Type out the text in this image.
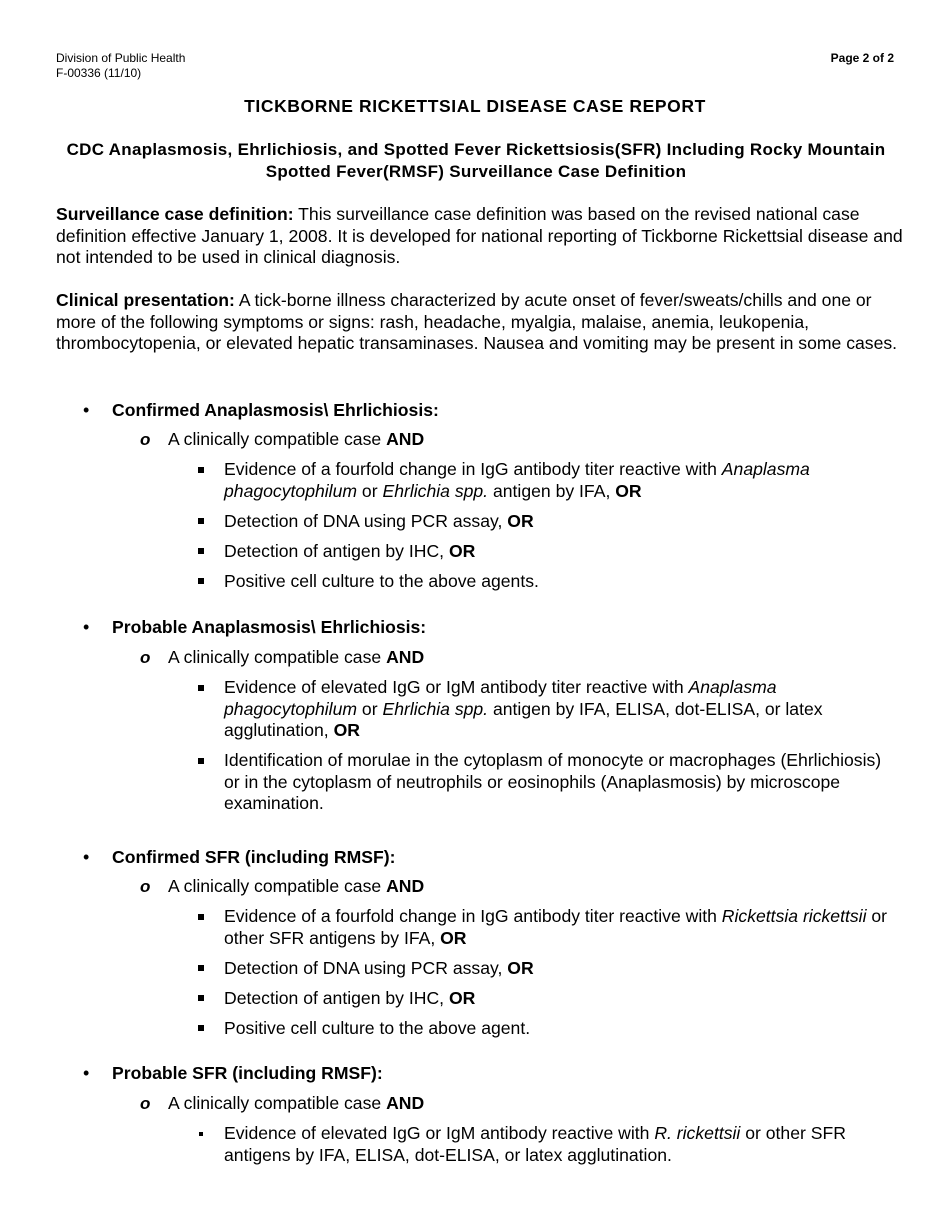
Division of Public Health
F-00336 (11/10)
Page 2 of 2
TICKBORNE RICKETTSIAL DISEASE CASE REPORT
CDC Anaplasmosis, Ehrlichiosis, and Spotted Fever Rickettsiosis(SFR) Including Rocky Mountain Spotted Fever(RMSF) Surveillance Case Definition
Surveillance case definition: This surveillance case definition was based on the revised national case definition effective January 1, 2008. It is developed for national reporting of Tickborne Rickettsial disease and not intended to be used in clinical diagnosis.
Clinical presentation: A tick-borne illness characterized by acute onset of fever/sweats/chills and one or more of the following symptoms or signs: rash, headache, myalgia, malaise, anemia, leukopenia, thrombocytopenia, or elevated hepatic transaminases. Nausea and vomiting may be present in some cases.
• Confirmed Anaplasmosis\ Ehrlichiosis:
o A clinically compatible case AND
Evidence of a fourfold change in IgG antibody titer reactive with Anaplasma phagocytophilum or Ehrlichia spp. antigen by IFA, OR
Detection of DNA using PCR assay, OR
Detection of antigen by IHC, OR
Positive cell culture to the above agents.
• Probable Anaplasmosis\ Ehrlichiosis:
o A clinically compatible case AND
Evidence of elevated IgG or IgM antibody titer reactive with Anaplasma phagocytophilum or Ehrlichia spp. antigen by IFA, ELISA, dot-ELISA, or latex agglutination, OR
Identification of morulae in the cytoplasm of monocyte or macrophages (Ehrlichiosis) or in the cytoplasm of neutrophils or eosinophils (Anaplasmosis) by microscope examination.
• Confirmed SFR (including RMSF):
o A clinically compatible case AND
Evidence of a fourfold change in IgG antibody titer reactive with Rickettsia rickettsii or other SFR antigens by IFA, OR
Detection of DNA using PCR assay, OR
Detection of antigen by IHC, OR
Positive cell culture to the above agent.
• Probable SFR (including RMSF):
o A clinically compatible case AND
Evidence of elevated IgG or IgM antibody reactive with R. rickettsii or other SFR antigens by IFA, ELISA, dot-ELISA, or latex agglutination.
